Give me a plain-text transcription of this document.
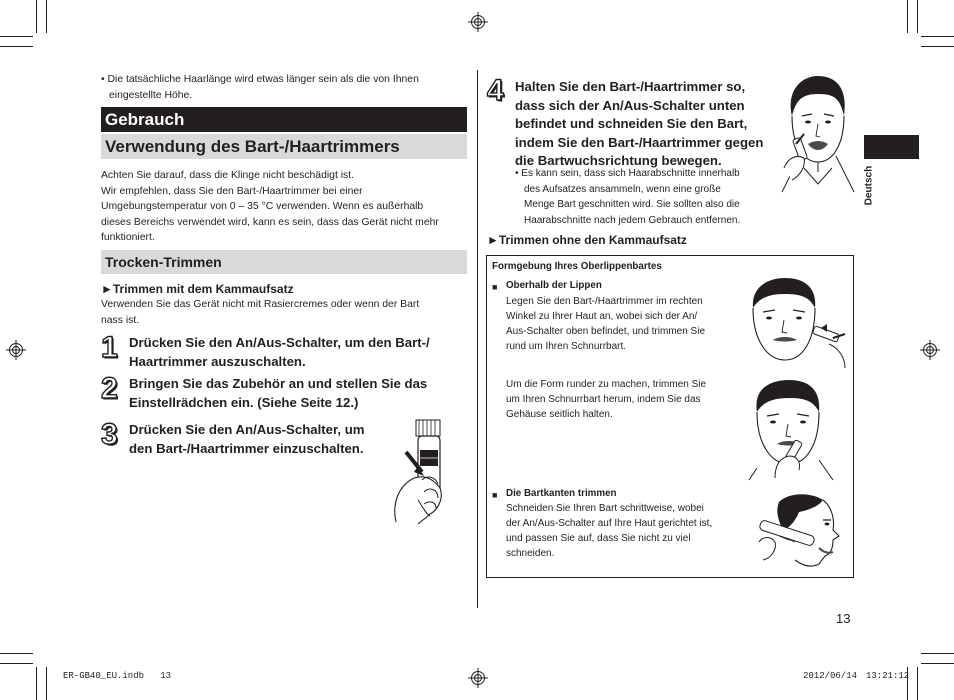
• Die tatsächliche Haarlänge wird etwas länger sein als die von Ihnen
eingestellte Höhe.
Gebrauch
Verwendung des Bart-/Haartrimmers
Achten Sie darauf, dass die Klinge nicht beschädigt ist.
Wir empfehlen, dass Sie den Bart-/Haartrimmer bei einer
Umgebungstemperatur von 0 – 35 °C verwenden. Wenn es außerhalb
dieses Bereichs verwendet wird, kann es sein, dass das Gerät nicht mehr
funktioniert.
Trocken-Trimmen
►Trimmen mit dem Kammaufsatz
Verwenden Sie das Gerät nicht mit Rasiercremes oder wenn der Bart
nass ist.
1 Drücken Sie den An/Aus-Schalter, um den Bart-/
Haartrimmer auszuschalten.
2 Bringen Sie das Zubehör an und stellen Sie das
Einstellrädchen ein. (Siehe Seite 12.)
3 Drücken Sie den An/Aus-Schalter, um
den Bart-/Haartrimmer einzuschalten.
4 Halten Sie den Bart-/Haartrimmer so,
dass sich der An/Aus-Schalter unten
befindet und schneiden Sie den Bart,
indem Sie den Bart-/Haartrimmer gegen
die Bartwuchsrichtung bewegen.
• Es kann sein, dass sich Haarabschnitte innerhalb
des Aufsatzes ansammeln, wenn eine große
Menge Bart geschnitten wird. Sie sollten also die
Haarabschnitte nach jedem Gebrauch entfernen.
Deutsch
►Trimmen ohne den Kammaufsatz
Formgebung Ihres Oberlippenbartes
■ Oberhalb der Lippen
Legen Sie den Bart-/Haartrimmer im rechten
Winkel zu Ihrer Haut an, wobei sich der An/
Aus-Schalter oben befindet, und trimmen Sie
rund um Ihren Schnurrbart.
Um die Form runder zu machen, trimmen Sie
um Ihren Schnurrbart herum, indem Sie das
Gehäuse seitlich halten.
■ Die Bartkanten trimmen
Schneiden Sie Ihren Bart schrittweise, wobei
der An/Aus-Schalter auf Ihre Haut gerichtet ist,
und passen Sie auf, dass Sie nicht zu viel
schneiden.
13
ER-GB40_EU.indb   13	2012/06/14 13:21:12
